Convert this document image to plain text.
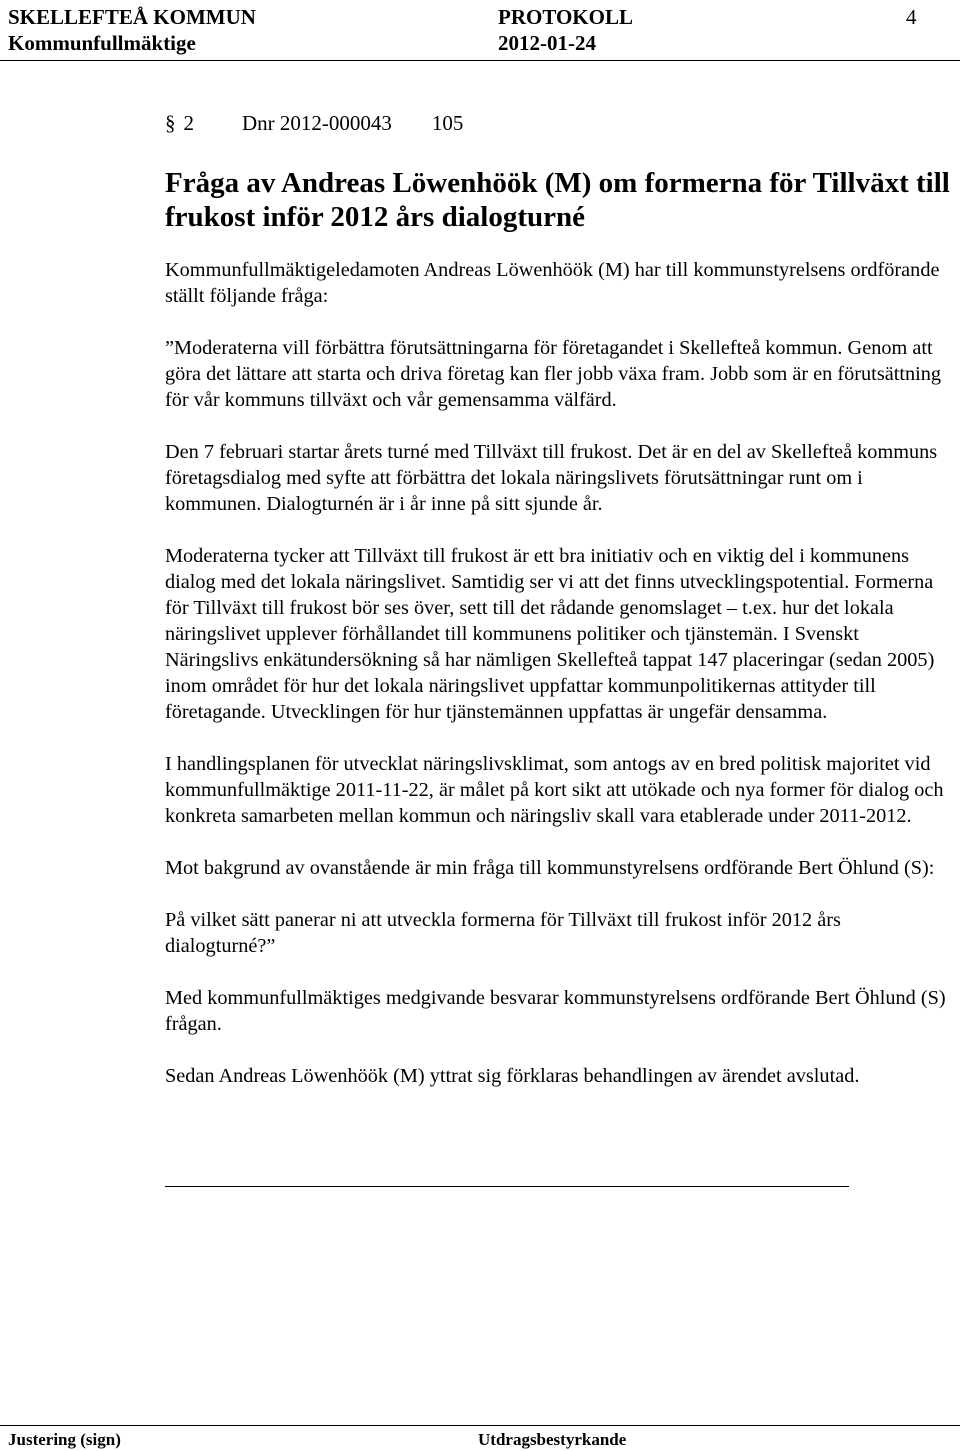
SKELLEFTEÅ KOMMUN	PROTOKOLL	4
Kommunfullmäktige	2012-01-24
§ 2 Dnr 2012-000043 105
Fråga av Andreas Löwenhöök (M) om formerna för Tillväxt till frukost inför 2012 års dialogturné

Kommunfullmäktigeledamoten Andreas Löwenhöök (M) har till kommunstyrelsens ordförande ställt följande fråga:

”Moderaterna vill förbättra förutsättningarna för företagandet i Skellefteå kommun. Genom att göra det lättare att starta och driva företag kan fler jobb växa fram. Jobb som är en förutsättning för vår kommuns tillväxt och vår gemensamma välfärd.

Den 7 februari startar årets turné med Tillväxt till frukost. Det är en del av Skellefteå kommuns företagsdialog med syfte att förbättra det lokala näringslivets förutsättningar runt om i kommunen. Dialogturnén är i år inne på sitt sjunde år.

Moderaterna tycker att Tillväxt till frukost är ett bra initiativ och en viktig del i kommunens dialog med det lokala näringslivet. Samtidig ser vi att det finns utvecklingspotential. Formerna för Tillväxt till frukost bör ses över, sett till det rådande genomslaget – t.ex. hur det lokala näringslivet upplever förhållandet till kommunens politiker och tjänstemän. I Svenskt Näringslivs enkätundersökning så har nämligen Skellefteå tappat 147 placeringar (sedan 2005) inom området för hur det lokala näringslivet uppfattar kommunpolitikernas attityder till företagande. Utvecklingen för hur tjänstemännen uppfattas är ungefär densamma.

I handlingsplanen för utvecklat näringslivsklimat, som antogs av en bred politisk majoritet vid kommunfullmäktige 2011-11-22, är målet på kort sikt att utökade och nya former för dialog och konkreta samarbeten mellan kommun och näringsliv skall vara etablerade under 2011-2012.

Mot bakgrund av ovanstående är min fråga till kommunstyrelsens ordförande Bert Öhlund (S):

På vilket sätt panerar ni att utveckla formerna för Tillväxt till frukost inför 2012 års dialogturné?”

Med kommunfullmäktiges medgivande besvarar kommunstyrelsens ordförande Bert Öhlund (S) frågan.

Sedan Andreas Löwenhöök (M) yttrat sig förklaras behandlingen av ärendet avslutad.

Justering (sign)	Utdragsbestyrkande
